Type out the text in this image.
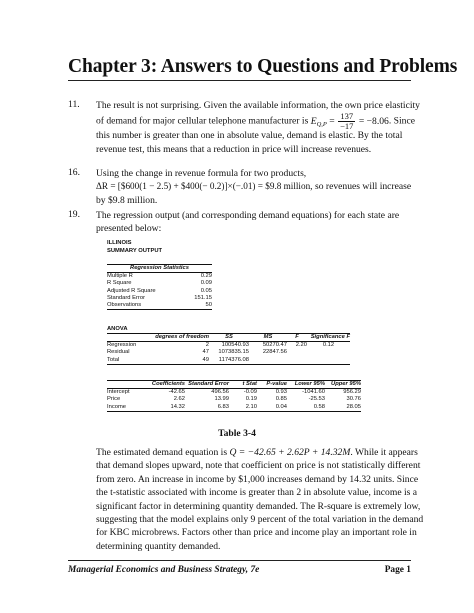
Chapter 3: Answers to Questions and Problems
11. The result is not surprising. Given the available information, the own price elasticity
of demand for major cellular telephone manufacturer is $E_{Q,P} = \frac{137}{-17} = -8.06$. Since
this number is greater than one in absolute value, demand is elastic. By the total
revenue test, this means that a reduction in price will increase revenues.
16. Using the change in revenue formula for two products,
ΔR = [$600(1 − 2.5) + $400(− 0.2)]×(−.01) = $9.8 million, so revenues will increase
by $9.8 million.
19. The regression output (and corresponding demand equations) for each state are
presented below:
ILLINOIS
SUMMARY OUTPUT
Regression Statistics	
Multiple R	0.29
R Square	0.09
Adjusted R Square	0.05
Standard Error	151.15
Observations	50
ANOVA
	degrees of freedom	SS	MS	F	Significance F
Regression	2	100540.93	50270.47	2.20	0.12
Residual	47	1073835.15	22847.56		
Total	49	1174376.08			
	Coefficients	Standard Error	t Stat	P-value	Lower 95%	Upper 95%
Intercept	-42.65	496.56	-0.09	0.93	-1041.60	956.29
Price	2.62	13.99	0.19	0.85	-25.53	30.76
Income	14.32	6.83	2.10	0.04	0.58	28.05
Table 3-4
The estimated demand equation is Q = −42.65 + 2.62P + 14.32M. While it appears
that demand slopes upward, note that coefficient on price is not statistically different
from zero. An increase in income by $1,000 increases demand by 14.32 units. Since
the t-statistic associated with income is greater than 2 in absolute value, income is a
significant factor in determining quantity demanded. The R-square is extremely low,
suggesting that the model explains only 9 percent of the total variation in the demand
for KBC microbrews. Factors other than price and income play an important role in
determining quantity demanded.
Managerial Economics and Business Strategy, 7e	Page 1
